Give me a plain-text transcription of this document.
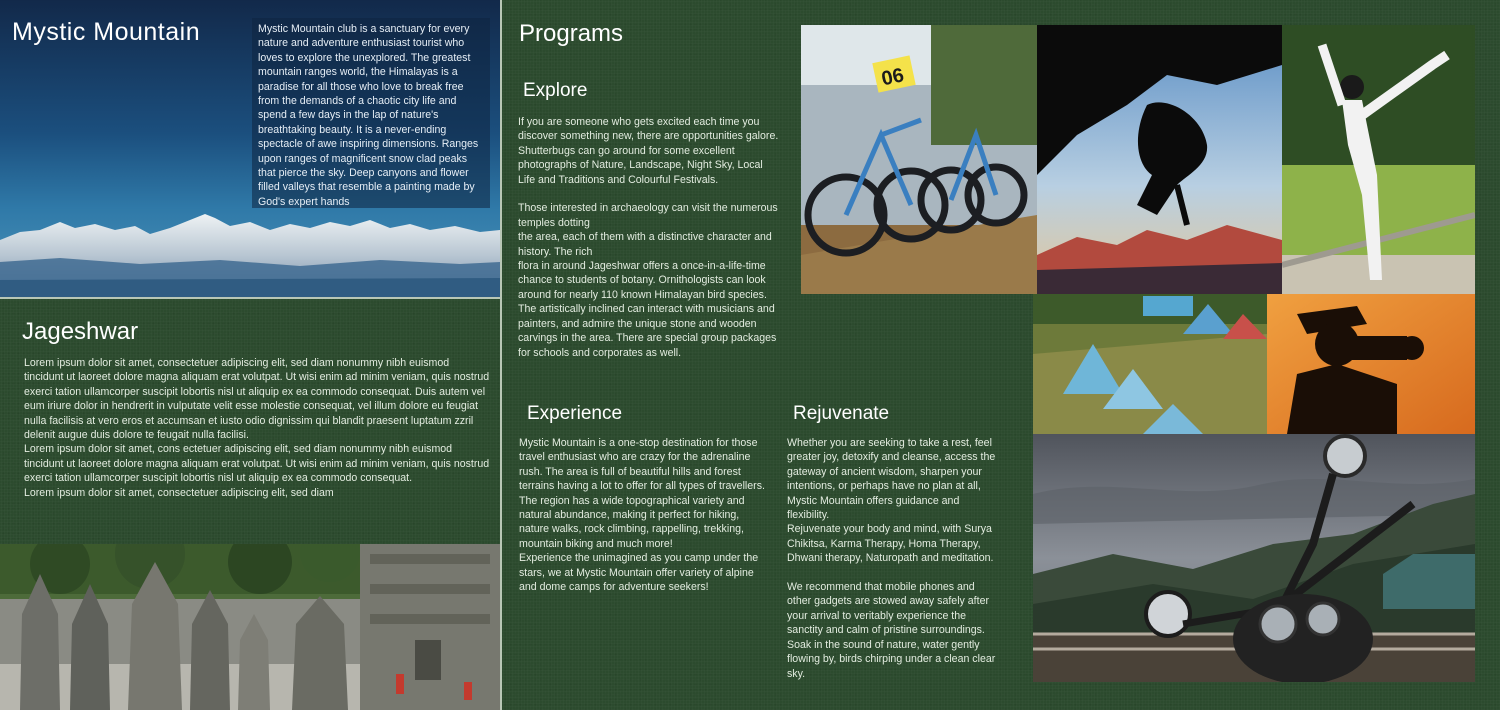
Mystic Mountain	Mystic Mountain club is a sanctuary for every nature and adventure enthusiast tourist who loves to explore the unexplored. The greatest mountain ranges world, the Himalayas is a paradise for all those who love to break free from the demands of a chaotic city life and spend a few days in the lap of nature's breathtaking beauty. It is a never-ending spectacle of awe inspiring dimensions. Ranges upon ranges of magnificent snow clad peaks that pierce the sky. Deep canyons and flower filled valleys that resemble a painting made by God's expert hands

Jageshwar
Lorem ipsum dolor sit amet, consectetuer adipiscing elit, sed diam nonummy nibh euismod tincidunt ut laoreet dolore magna aliquam erat volutpat. Ut wisi enim ad minim veniam, quis nostrud exerci tation ullamcorper suscipit lobortis nisl ut aliquip ex ea commodo consequat. Duis autem vel eum iriure dolor in hendrerit in vulputate velit esse molestie consequat, vel illum dolore eu feugiat nulla facilisis at vero eros et accumsan et iusto odio dignissim qui blandit praesent luptatum zzril delenit augue duis dolore te feugait nulla facilisi.
Lorem ipsum dolor sit amet, cons ectetuer adipiscing elit, sed diam nonummy nibh euismod tincidunt ut laoreet dolore magna aliquam erat volutpat. Ut wisi enim ad minim veniam, quis nostrud exerci tation ullamcorper suscipit lobortis nisl ut aliquip ex ea commodo consequat.
Lorem ipsum dolor sit amet, consectetuer adipiscing elit, sed diam
Programs
Explore
If you are someone who gets excited each time you discover something new, there are opportunities galore.
Shutterbugs can go around for some excellent photographs of Nature, Landscape, Night Sky, Local Life and Traditions and Colourful Festivals.

Those interested in archaeology can visit the numerous temples dotting
the area, each of them with a distinctive character and history. The rich
flora in around Jageshwar offers a once-in-a-life-time chance to students of botany. Ornithologists can look around for nearly 110 known Himalayan bird species. The artistically inclined can interact with musicians and painters, and admire the unique stone and wooden carvings in the area. There are special group packages for schools and corporates as well.
Experience
Mystic Mountain is a one-stop destination for those travel enthusiast who are crazy for the adrenaline rush. The area is full of beautiful hills and forest terrains having a lot to offer for all types of travellers. The region has a wide topographical variety and natural abundance, making it perfect for hiking, nature walks, rock climbing, rappelling, trekking, mountain biking and much more!
Experience the unimagined as you camp under the stars, we at Mystic Mountain offer variety of alpine and dome camps for adventure seekers!
Rejuvenate
Whether you are seeking to take a rest, feel greater joy, detoxify and cleanse, access the gateway of ancient wisdom, sharpen your intentions, or perhaps have no plan at all, Mystic Mountain offers guidance and flexibility.
Rejuvenate your body and mind, with Surya Chikitsa, Karma Therapy, Homa Therapy, Dhwani therapy, Naturopath and meditation.

We recommend that mobile phones and other gadgets are stowed away safely after your arrival to veritably experience the sanctity and calm of pristine surroundings. Soak in the sound of nature, water gently flowing by, birds chirping under a clean clear sky.
06
